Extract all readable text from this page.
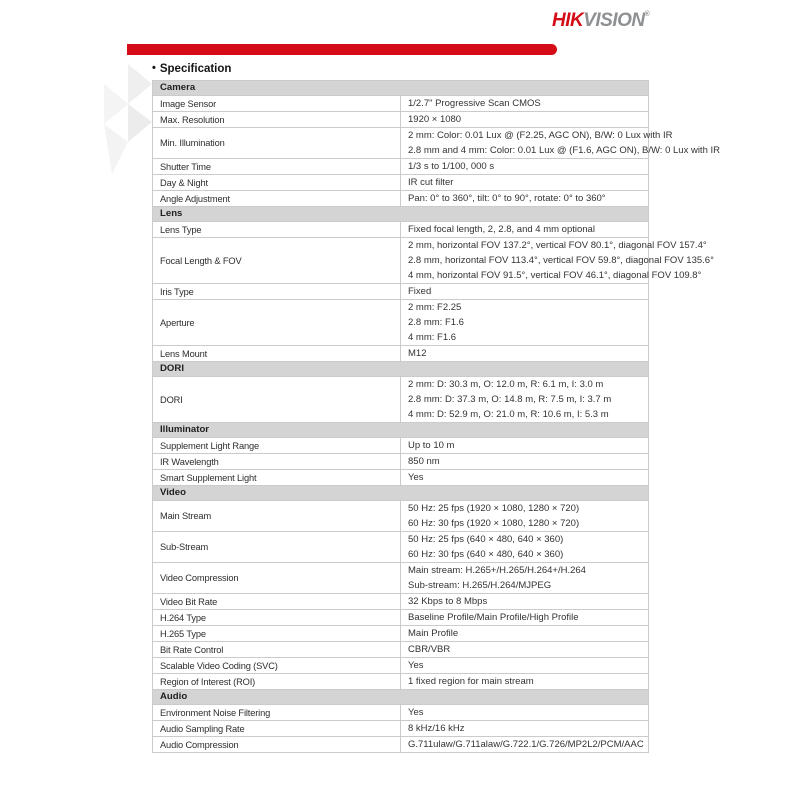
HIKVISION®
• Specification
Camera	
Image Sensor	1/2.7" Progressive Scan CMOS

Max. Resolution	1920 × 1080

Min. Illumination	2 mm: Color: 0.01 Lux @ (F2.25, AGC ON), B/W: 0 Lux with IR
2.8 mm and 4 mm: Color: 0.01 Lux @ (F1.6, AGC ON), B/W: 0 Lux with IR

Shutter Time	1/3 s to 1/100, 000 s

Day & Night	IR cut filter

Angle Adjustment	Pan: 0° to 360°, tilt: 0° to 90°, rotate: 0° to 360°

Lens	
Lens Type	Fixed focal length, 2, 2.8, and 4 mm optional

Focal Length & FOV	2 mm, horizontal FOV 137.2°, vertical FOV 80.1°, diagonal FOV 157.4°
2.8 mm, horizontal FOV 113.4°, vertical FOV 59.8°, diagonal FOV 135.6°
4 mm, horizontal FOV 91.5°, vertical FOV 46.1°, diagonal FOV 109.8°

Iris Type	Fixed

Aperture	2 mm: F2.25
2.8 mm: F1.6
4 mm: F1.6

Lens Mount	M12

DORI	
DORI	2 mm: D: 30.3 m, O: 12.0 m, R: 6.1 m, I: 3.0 m
2.8 mm: D: 37.3 m, O: 14.8 m, R: 7.5 m, I: 3.7 m
4 mm: D: 52.9 m, O: 21.0 m, R: 10.6 m, I: 5.3 m

Illuminator	
Supplement Light Range	Up to 10 m

IR Wavelength	850 nm

Smart Supplement Light	Yes

Video	
Main Stream	50 Hz: 25 fps (1920 × 1080, 1280 × 720)
60 Hz: 30 fps (1920 × 1080, 1280 × 720)

Sub-Stream	50 Hz: 25 fps (640 × 480, 640 × 360)
60 Hz: 30 fps (640 × 480, 640 × 360)

Video Compression	Main stream: H.265+/H.265/H.264+/H.264
Sub-stream: H.265/H.264/MJPEG

Video Bit Rate	32 Kbps to 8 Mbps

H.264 Type	Baseline Profile/Main Profile/High Profile

H.265 Type	Main Profile

Bit Rate Control	CBR/VBR

Scalable Video Coding (SVC)	Yes

Region of Interest (ROI)	1 fixed region for main stream

Audio	
Environment Noise Filtering	Yes

Audio Sampling Rate	8 kHz/16 kHz

Audio Compression	G.711ulaw/G.711alaw/G.722.1/G.726/MP2L2/PCM/AAC
